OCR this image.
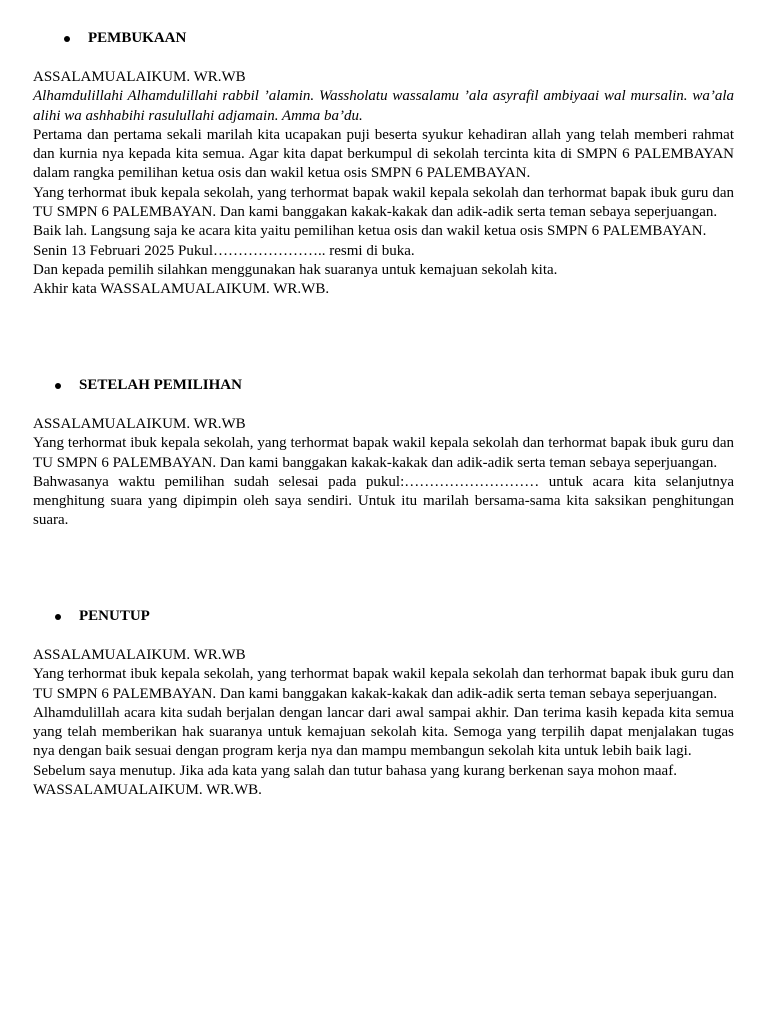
PEMBUKAAN

ASSALAMUALAIKUM. WR.WB

Alhamdulillahi Alhamdulillahi rabbil ’alamin. Wassholatu wassalamu ’ala asyrafil ambiyaai wal mursalin. wa’ala alihi wa ashhabihi rasulullahi adjamain. Amma ba’du.

Pertama dan pertama sekali marilah kita ucapakan puji beserta syukur kehadiran allah yang telah memberi rahmat dan kurnia nya kepada kita semua. Agar kita dapat berkumpul di sekolah tercinta kita di SMPN 6 PALEMBAYAN dalam rangka pemilihan ketua osis dan wakil ketua osis SMPN 6 PALEMBAYAN.

Yang terhormat ibuk kepala sekolah, yang terhormat bapak wakil kepala sekolah dan terhormat bapak ibuk guru dan TU SMPN 6 PALEMBAYAN. Dan kami banggakan kakak-kakak dan adik-adik serta teman sebaya seperjuangan.

Baik lah. Langsung saja ke acara kita yaitu pemilihan ketua osis dan wakil ketua osis SMPN 6 PALEMBAYAN.

Senin 13 Februari 2025 Pukul………………….. resmi di buka.

Dan kepada pemilih silahkan menggunakan hak suaranya untuk kemajuan sekolah kita.

Akhir kata WASSALAMUALAIKUM. WR.WB.

SETELAH PEMILIHAN

ASSALAMUALAIKUM. WR.WB

Yang terhormat ibuk kepala sekolah, yang terhormat bapak wakil kepala sekolah dan terhormat bapak ibuk guru dan TU SMPN 6 PALEMBAYAN. Dan kami banggakan kakak-kakak dan adik-adik serta teman sebaya seperjuangan.

Bahwasanya waktu pemilihan sudah selesai pada pukul:……………………… untuk acara kita selanjutnya menghitung suara yang dipimpin oleh saya sendiri. Untuk itu marilah bersama-sama kita saksikan penghitungan suara.

PENUTUP

ASSALAMUALAIKUM. WR.WB

Yang terhormat ibuk kepala sekolah, yang terhormat bapak wakil kepala sekolah dan terhormat bapak ibuk guru dan TU SMPN 6 PALEMBAYAN. Dan kami banggakan kakak-kakak dan adik-adik serta teman sebaya seperjuangan.

Alhamdulillah acara kita sudah berjalan dengan lancar dari awal sampai akhir. Dan terima kasih kepada kita semua yang telah memberikan hak suaranya untuk kemajuan sekolah kita. Semoga yang terpilih dapat menjalakan tugas nya dengan baik sesuai dengan program kerja nya dan mampu membangun sekolah kita untuk lebih baik lagi.

Sebelum saya menutup. Jika ada kata yang salah dan tutur bahasa yang kurang berkenan saya mohon maaf.

WASSALAMUALAIKUM. WR.WB.
